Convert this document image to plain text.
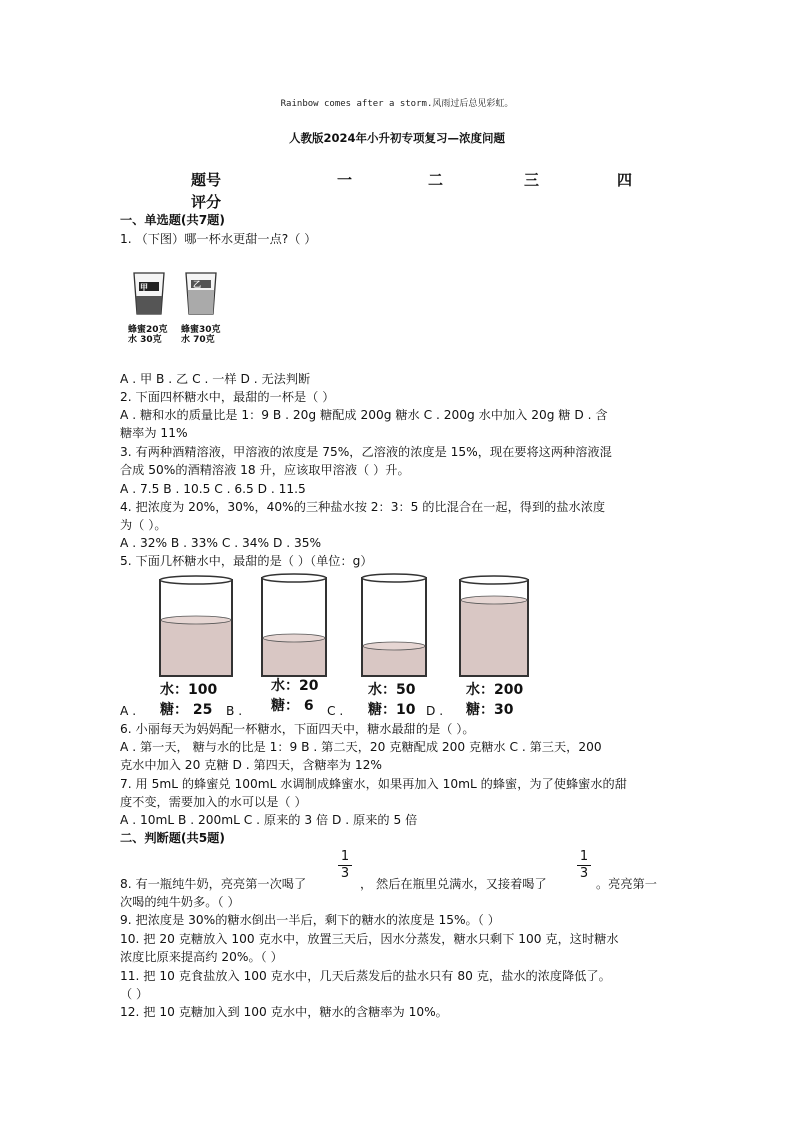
Rainbow comes after a storm.风雨过后总见彩虹。
人教版2024年小升初专项复习—浓度问题
题号	一	二	三	四
评分
一、单选题(共7题)
1. （下图）哪一杯水更甜一点?（ ）
甲	乙
蜂蜜20克
水 30克
蜂蜜30克
水 70克
A . 甲 B . 乙 C . 一样 D . 无法判断
2. 下面四杯糖水中，最甜的一杯是（ ）
A . 糖和水的质量比是 1：9 B . 20g 糖配成 200g 糖水 C . 200g 水中加入 20g 糖 D . 含
糖率为 11%
3. 有两种酒精溶液，甲溶液的浓度是 75%，乙溶液的浓度是 15%，现在要将这两种溶液混
合成 50%的酒精溶液 18 升，应该取甲溶液（ ）升。
A . 7.5 B . 10.5 C . 6.5 D . 11.5
4. 把浓度为 20%，30%，40%的三种盐水按 2：3：5 的比混合在一起，得到的盐水浓度
为（ ）。
A . 32% B . 33% C . 34% D . 35%
5. 下面几杯糖水中，最甜的是（ ）（单位：g）
水：100
糖： 25
水：20
糖： 6
水：50
糖：10
水：200
糖：30
A .	B .	C .	D .
6. 小丽每天为妈妈配一杯糖水，下面四天中，糖水最甜的是（ ）。
A . 第一天， 糖与水的比是 1：9 B . 第二天，20 克糖配成 200 克糖水 C . 第三天，200
克水中加入 20 克糖 D . 第四天，含糖率为 12%
7. 用 5mL 的蜂蜜兑 100mL 水调制成蜂蜜水，如果再加入 10mL 的蜂蜜，为了使蜂蜜水的甜
度不变，需要加入的水可以是（ ）
A . 10mL B . 200mL C . 原来的 3 倍 D . 原来的 5 倍
二、判断题(共5题)
$\frac{1}{3}$	$\frac{1}{3}$
8. 有一瓶纯牛奶，亮亮第一次喝了	， 然后在瓶里兑满水，又接着喝了	。亮亮第一
次喝的纯牛奶多。（ ）
9. 把浓度是 30%的糖水倒出一半后，剩下的糖水的浓度是 15%。（ ）
10. 把 20 克糖放入 100 克水中，放置三天后，因水分蒸发，糖水只剩下 100 克，这时糖水
浓度比原来提高约 20%。（ ）
11. 把 10 克食盐放入 100 克水中，几天后蒸发后的盐水只有 80 克，盐水的浓度降低了。
（ ）
12. 把 10 克糖加入到 100 克水中，糖水的含糖率为 10%。
